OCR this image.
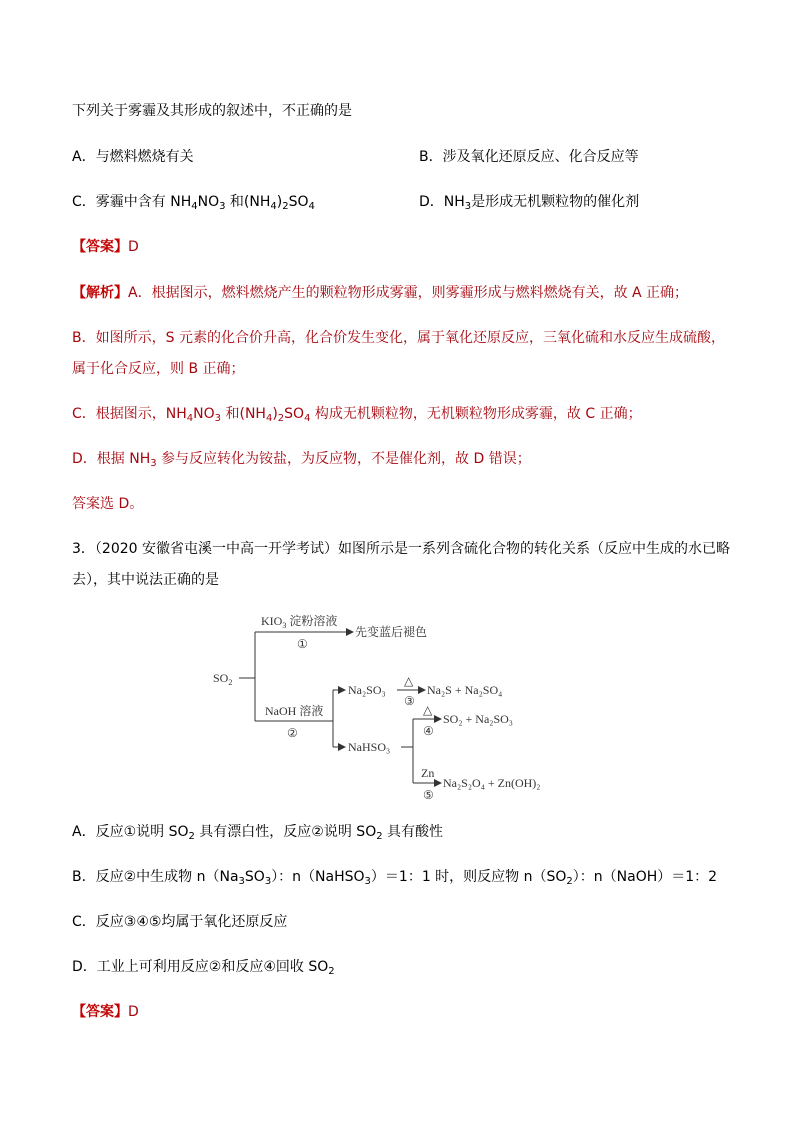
下列关于雾霾及其形成的叙述中，不正确的是
A．与燃料燃烧有关	B．涉及氧化还原反应、化合反应等
C．雾霾中含有 $NH_4NO_3$ 和$(NH_4)_2SO_4$	D．$NH_3$是形成无机颗粒物的催化剂
【答案】D
【解析】A．根据图示，燃料燃烧产生的颗粒物形成雾霾，则雾霾形成与燃料燃烧有关，故 A 正确；
B．如图所示，S 元素的化合价升高，化合价发生变化，属于氧化还原反应，三氧化硫和水反应生成硫酸，
属于化合反应，则 B 正确；
C．根据图示，$NH_4NO_3$ 和$(NH_4)_2SO_4$ 构成无机颗粒物，无机颗粒物形成雾霾，故 C 正确；
D．根据 $NH_3$ 参与反应转化为铵盐，为反应物，不是催化剂，故 D 错误；
答案选 D。
3．（2020 安徽省屯溪一中高一开学考试）如图所示是一系列含硫化合物的转化关系（反应中生成的水已略
去），其中说法正确的是
$SO_2$
$KIO_3$ 淀粉溶液
①
先变蓝后褪色
NaOH 溶液
②
Na₂SO₃
NaHSO₃
△
③
Na₂S + Na₂SO₄
△
④
SO₂ + Na₂SO₃
Zn
⑤
Na₂S₂O₄ + Zn(OH)₂
A．反应①说明 $SO_2$ 具有漂白性，反应②说明 $SO_2$ 具有酸性
B．反应②中生成物 $n(Na_3SO_3)$：n（NaHSO$_3$）＝1：1 时，则反应物 $n(SO_2)$：n（NaOH）＝1：2
C．反应③④⑤均属于氧化还原反应
D．工业上可利用反应②和反应④回收 $SO_2$
【答案】D
